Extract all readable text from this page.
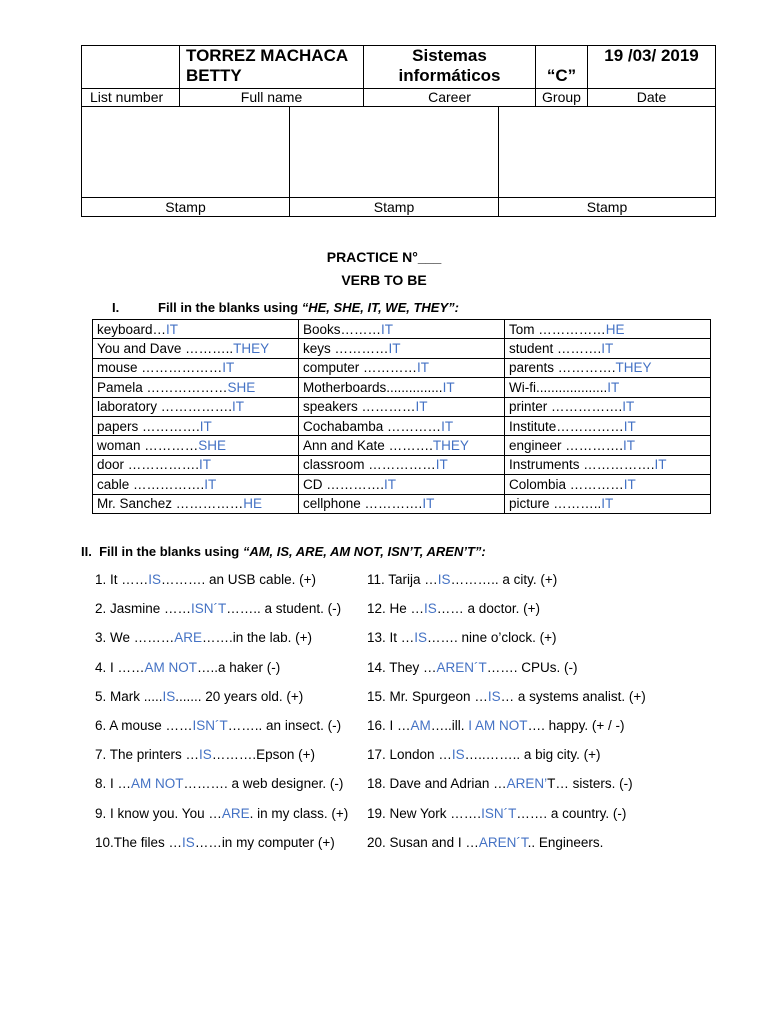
	TORREZ MACHACA BETTY	Sistemas informáticos	“C”	19 /03/ 2019
List number	Full name	Career	Group	Date

Stamp	Stamp	Stamp
PRACTICE N°___
VERB TO BE
I.	Fill in the blanks using “HE, SHE, IT, WE, THEY”:
keyboard…IT	Books………IT	Tom ……………HE
You and Dave ………..THEY	keys …………IT	student ……….IT
mouse ………………IT	computer …………IT	parents ………….THEY
Pamela ………………SHE	Motherboards...............IT	Wi-fi...................IT
laboratory …………….IT	speakers …………IT	printer …………….IT
papers ………….IT	Cochabamba …………IT	Institute……………IT
woman …………SHE	Ann and Kate ……….THEY	engineer ………….IT
door …………….IT	classroom ……………IT	Instruments …………….IT
cable …………….IT	CD ………….IT	Colombia …………IT
Mr. Sanchez ……………HE	cellphone ………….IT	picture ………..IT
II. Fill in the blanks using “AM, IS, ARE, AM NOT, ISN’T, AREN’T”:
1. It ……IS………. an USB cable. (+)
2. Jasmine ……ISN´T…….. a student. (-)
3. We ………ARE…….in the lab. (+)
4. I ……AM NOT…..a haker (-)
5. Mark .....IS....... 20 years old. (+)
6. A mouse ……ISN´T…….. an insect. (-)
7. The printers …IS……….Epson (+)
8. I …AM NOT………. a web designer. (-)
9. I know you. You …ARE. in my class. (+)
10.The files …IS……in my computer (+)
11. Tarija …IS……….. a city. (+)
12. He …IS…… a doctor. (+)
13. It …IS……. nine o’clock. (+)
14. They …AREN´T……. CPUs. (-)
15. Mr. Spurgeon …IS… a systems analist. (+)
16. I …AM…..ill. I AM NOT…. happy. (+ / -)
17. London …IS…..…….. a big city. (+)
18. Dave and Adrian …AREN’T… sisters. (-)
19. New York …….ISN´T……. a country. (-)
20. Susan and I …AREN´T.. Engineers.
